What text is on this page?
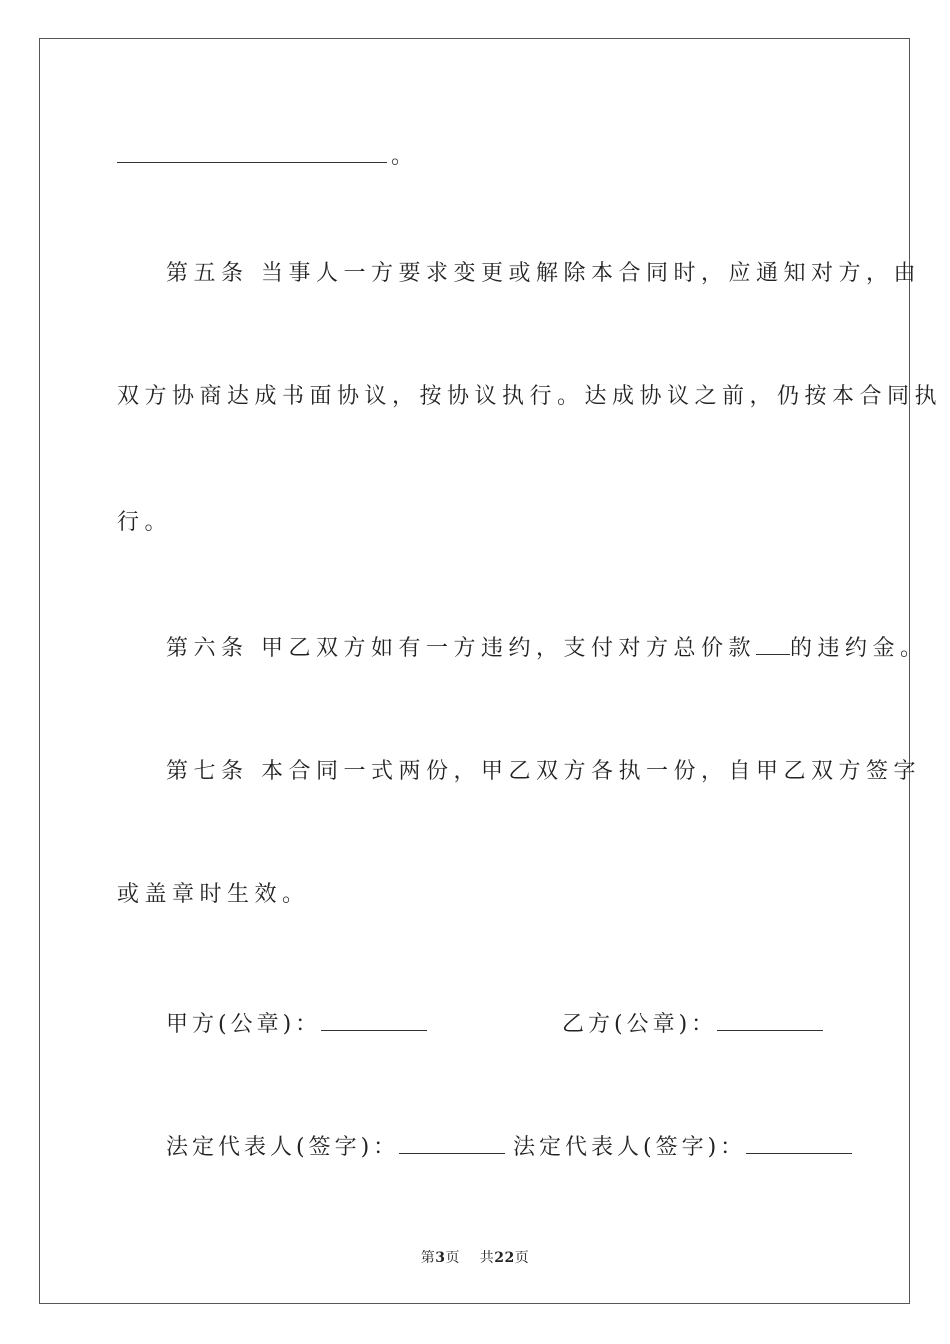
。
第五条 当事人一方要求变更或解除本合同时，应通知对方，由
双方协商达成书面协议，按协议执行。达成协议之前，仍按本合同执
行。
第六条 甲乙双方如有一方违约，支付对方总价款 的违约金。
第七条 本合同一式两份，甲乙双方各执一份，自甲乙双方签字
或盖章时生效。
甲方(公章)：	乙方(公章)：
法定代表人(签字)：	法定代表人(签字)：
第3页 共22页
